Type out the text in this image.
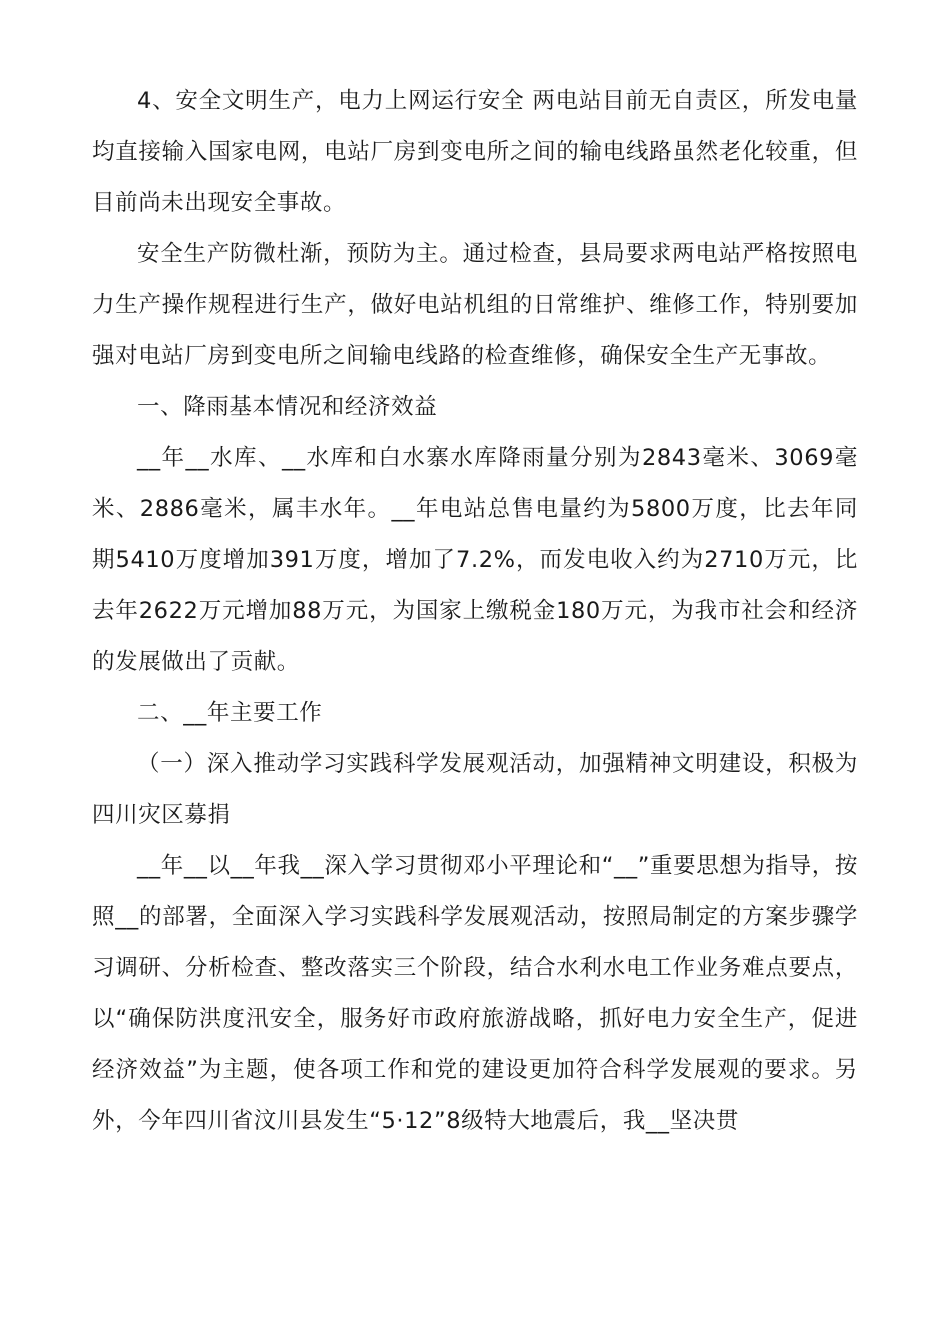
4、安全文明生产，电力上网运行安全 两电站目前无自责区，所发电量均直接输入国家电网，电站厂房到变电所之间的输电线路虽然老化较重，但目前尚未出现安全事故。

安全生产防微杜渐，预防为主。通过检查，县局要求两电站严格按照电力生产操作规程进行生产，做好电站机组的日常维护、维修工作，特别要加强对电站厂房到变电所之间输电线路的检查维修，确保安全生产无事故。

一、降雨基本情况和经济效益

__年__水库、__水库和白水寨水库降雨量分别为2843毫米、3069毫米、2886毫米，属丰水年。__年电站总售电量约为5800万度，比去年同期5410万度增加391万度，增加了7.2%，而发电收入约为2710万元，比去年2622万元增加88万元，为国家上缴税金180万元，为我市社会和经济的发展做出了贡献。

二、__年主要工作

（一）深入推动学习实践科学发展观活动，加强精神文明建设，积极为四川灾区募捐

__年__以__年我__深入学习贯彻邓小平理论和“__”重要思想为指导，按照__的部署，全面深入学习实践科学发展观活动，按照局制定的方案步骤学习调研、分析检查、整改落实三个阶段，结合水利水电工作业务难点要点，以“确保防洪度汛安全，服务好市政府旅游战略，抓好电力安全生产，促进经济效益”为主题，使各项工作和党的建设更加符合科学发展观的要求。另外，今年四川省汶川县发生“5·12”8级特大地震后，我__坚决贯
